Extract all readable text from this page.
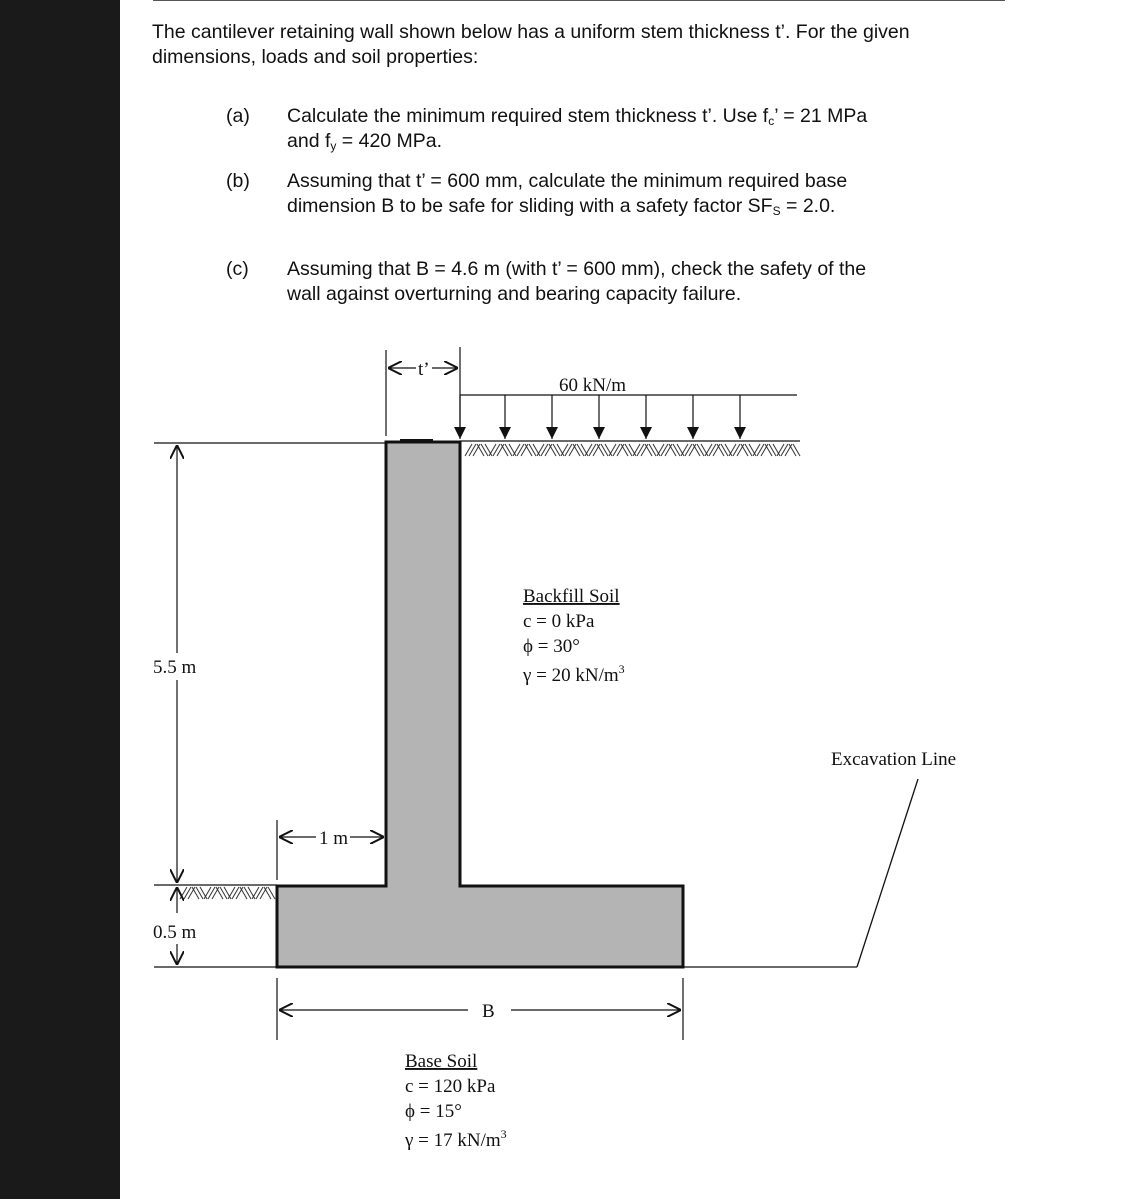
The cantilever retaining wall shown below has a uniform stem thickness t’. For the given dimensions, loads and soil properties:
(a) Calculate the minimum required stem thickness t’. Use $f_c$’ = 21 MPa and $f_y = 420$ MPa.
(b) Assuming that t’ = 600 mm, calculate the minimum required base dimension B to be safe for sliding with a safety factor $SF_S = 2.0$.
(c) Assuming that B = 4.6 m (with t’ = 600 mm), check the safety of the wall against overturning and bearing capacity failure.
Excavation Line
60 kN/m
t’
5.5 m
0.5 m
1 m
B
Backfill Soil
c = 0 kPa
ϕ = 30°
γ = 20 $kN/m^3$
Base Soil
c = 120 kPa
ϕ = 15°
γ = 17 $kN/m^3$
